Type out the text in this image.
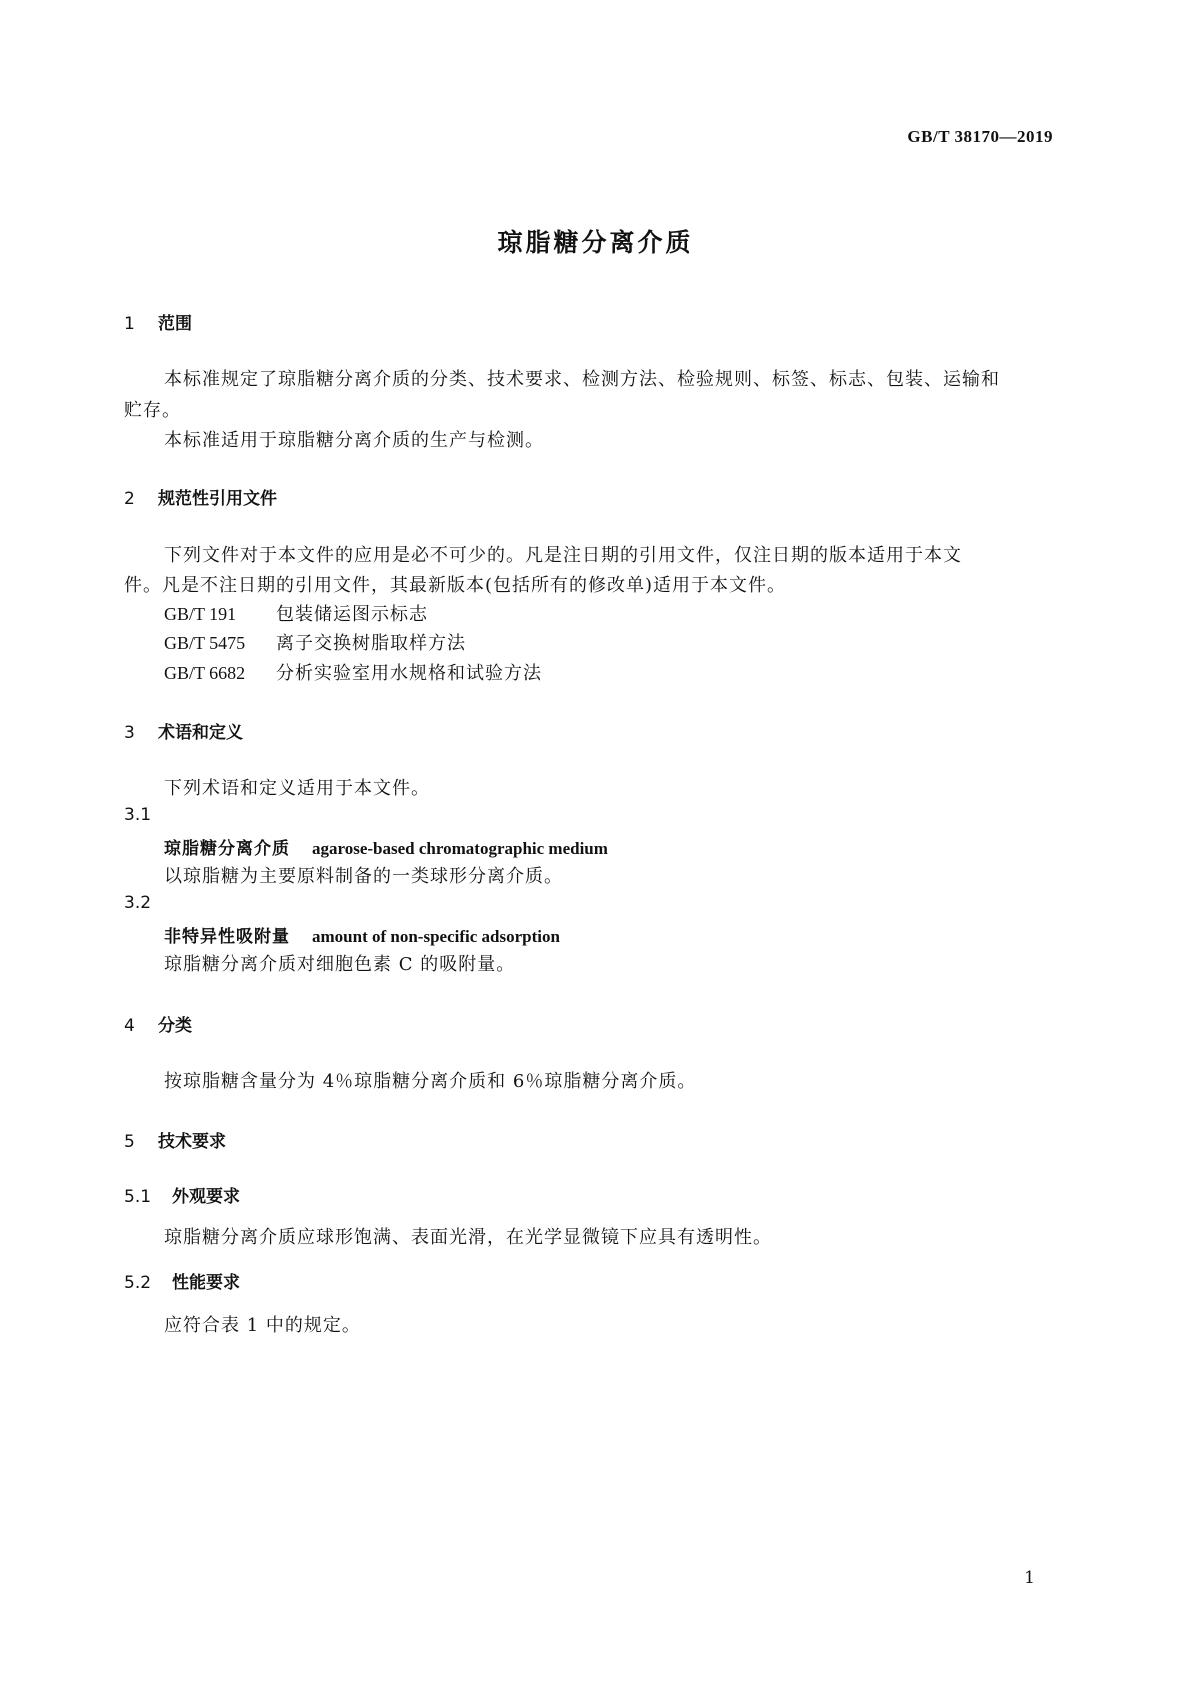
GB/T 38170—2019
琼脂糖分离介质
1 范围
本标准规定了琼脂糖分离介质的分类、技术要求、检测方法、检验规则、标签、标志、包装、运输和
贮存。
本标准适用于琼脂糖分离介质的生产与检测。
2 规范性引用文件
下列文件对于本文件的应用是必不可少的。凡是注日期的引用文件，仅注日期的版本适用于本文
件。凡是不注日期的引用文件，其最新版本(包括所有的修改单)适用于本文件。
GB/T 191 包装储运图示标志
GB/T 5475 离子交换树脂取样方法
GB/T 6682 分析实验室用水规格和试验方法
3 术语和定义
下列术语和定义适用于本文件。
3.1
琼脂糖分离介质 agarose-based chromatographic medium
以琼脂糖为主要原料制备的一类球形分离介质。
3.2
非特异性吸附量 amount of non-specific adsorption
琼脂糖分离介质对细胞色素 C 的吸附量。
4 分类
按琼脂糖含量分为 4％琼脂糖分离介质和 6％琼脂糖分离介质。
5 技术要求
5.1 外观要求
琼脂糖分离介质应球形饱满、表面光滑，在光学显微镜下应具有透明性。
5.2 性能要求
应符合表 1 中的规定。
1
